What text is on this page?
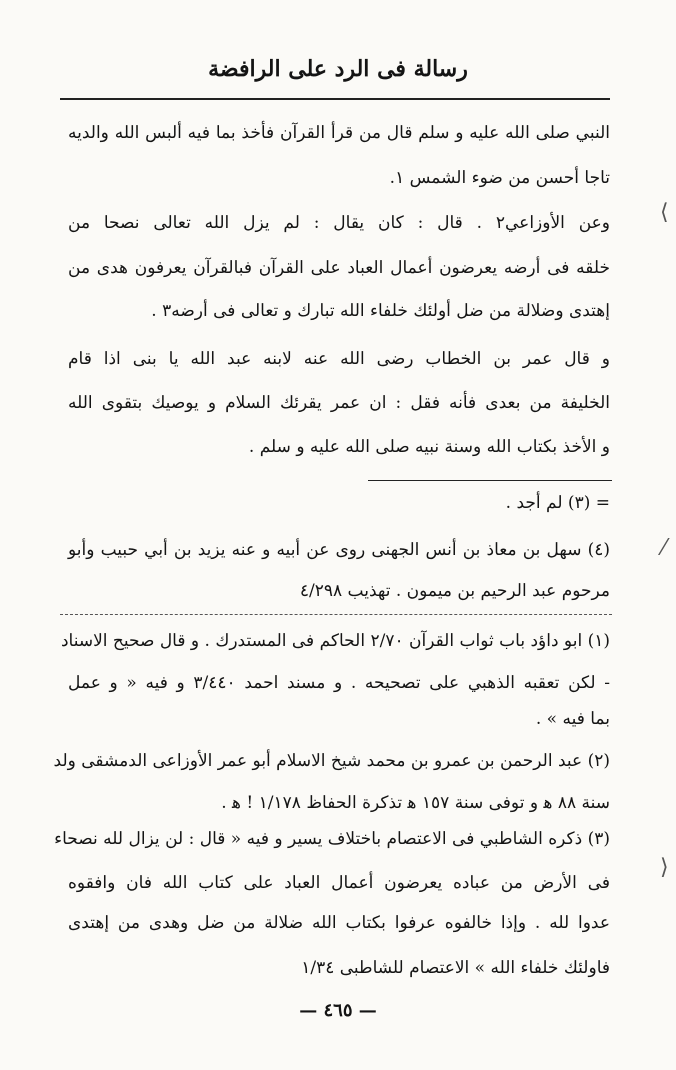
رسالة فى الرد على الرافضة
النبي صلى الله عليه و سلم قال من قرأ القرآن فأخذ بما فيه ألبس الله والديه
تاجا أحسن من ضوء الشمس ١.
وعن الأوزاعي٢ . قال : كان يقال : لم يزل الله تعالى نصحا من
خلقه فى أرضه يعرضون أعمال العباد على القرآن فبالقرآن يعرفون هدى من
إهتدى وضلالة من ضل أولئك خلفاء الله تبارك و تعالى فى أرضه٣ .
و قال عمر بن الخطاب رضى الله عنه لابنه عبد الله يا بنى اذا قام
الخليفة من بعدى فأنه فقل : ان عمر يقرئك السلام و يوصيك بتقوى الله
و الأخذ بكتاب الله وسنة نبيه صلى الله عليه و سلم .
= (٣) لم أجد .
(٤) سهل بن معاذ بن أنس الجهنى روى عن أبيه و عنه يزيد بن أبي حبيب وأبو
مرحوم عبد الرحيم بن ميمون . تهذيب ٤/٢٩٨
(١) ابو داؤد باب ثواب القرآن ٢/٧٠ الحاكم فى المستدرك . و قال صحيح الاسناد
- لكن تعقبه الذهبي على تصحيحه . و مسند احمد ٣/٤٤٠ و فيه « و عمل
بما فيه » .
(٢) عبد الرحمن بن عمرو بن محمد شيخ الاسلام أبو عمر الأوزاعى الدمشقى ولد
سنة ٨٨ ﻫ و توفى سنة ١٥٧ ﻫ تذكرة الحفاظ ١/١٧٨ ! ﻫ .
(٣) ذكره الشاطبي فى الاعتصام باختلاف يسير و فيه « قال : لن يزال لله نصحاء
فى الأرض من عباده يعرضون أعمال العباد على كتاب الله فان وافقوه
عدوا لله . وإذا خالفوه عرفوا بكتاب الله ضلالة من ضل وهدى من إهتدى
فاولئك خلفاء الله » الاعتصام للشاطبى ١/٣٤
— ٤٦٥ —
⟨
⁄
⟩
